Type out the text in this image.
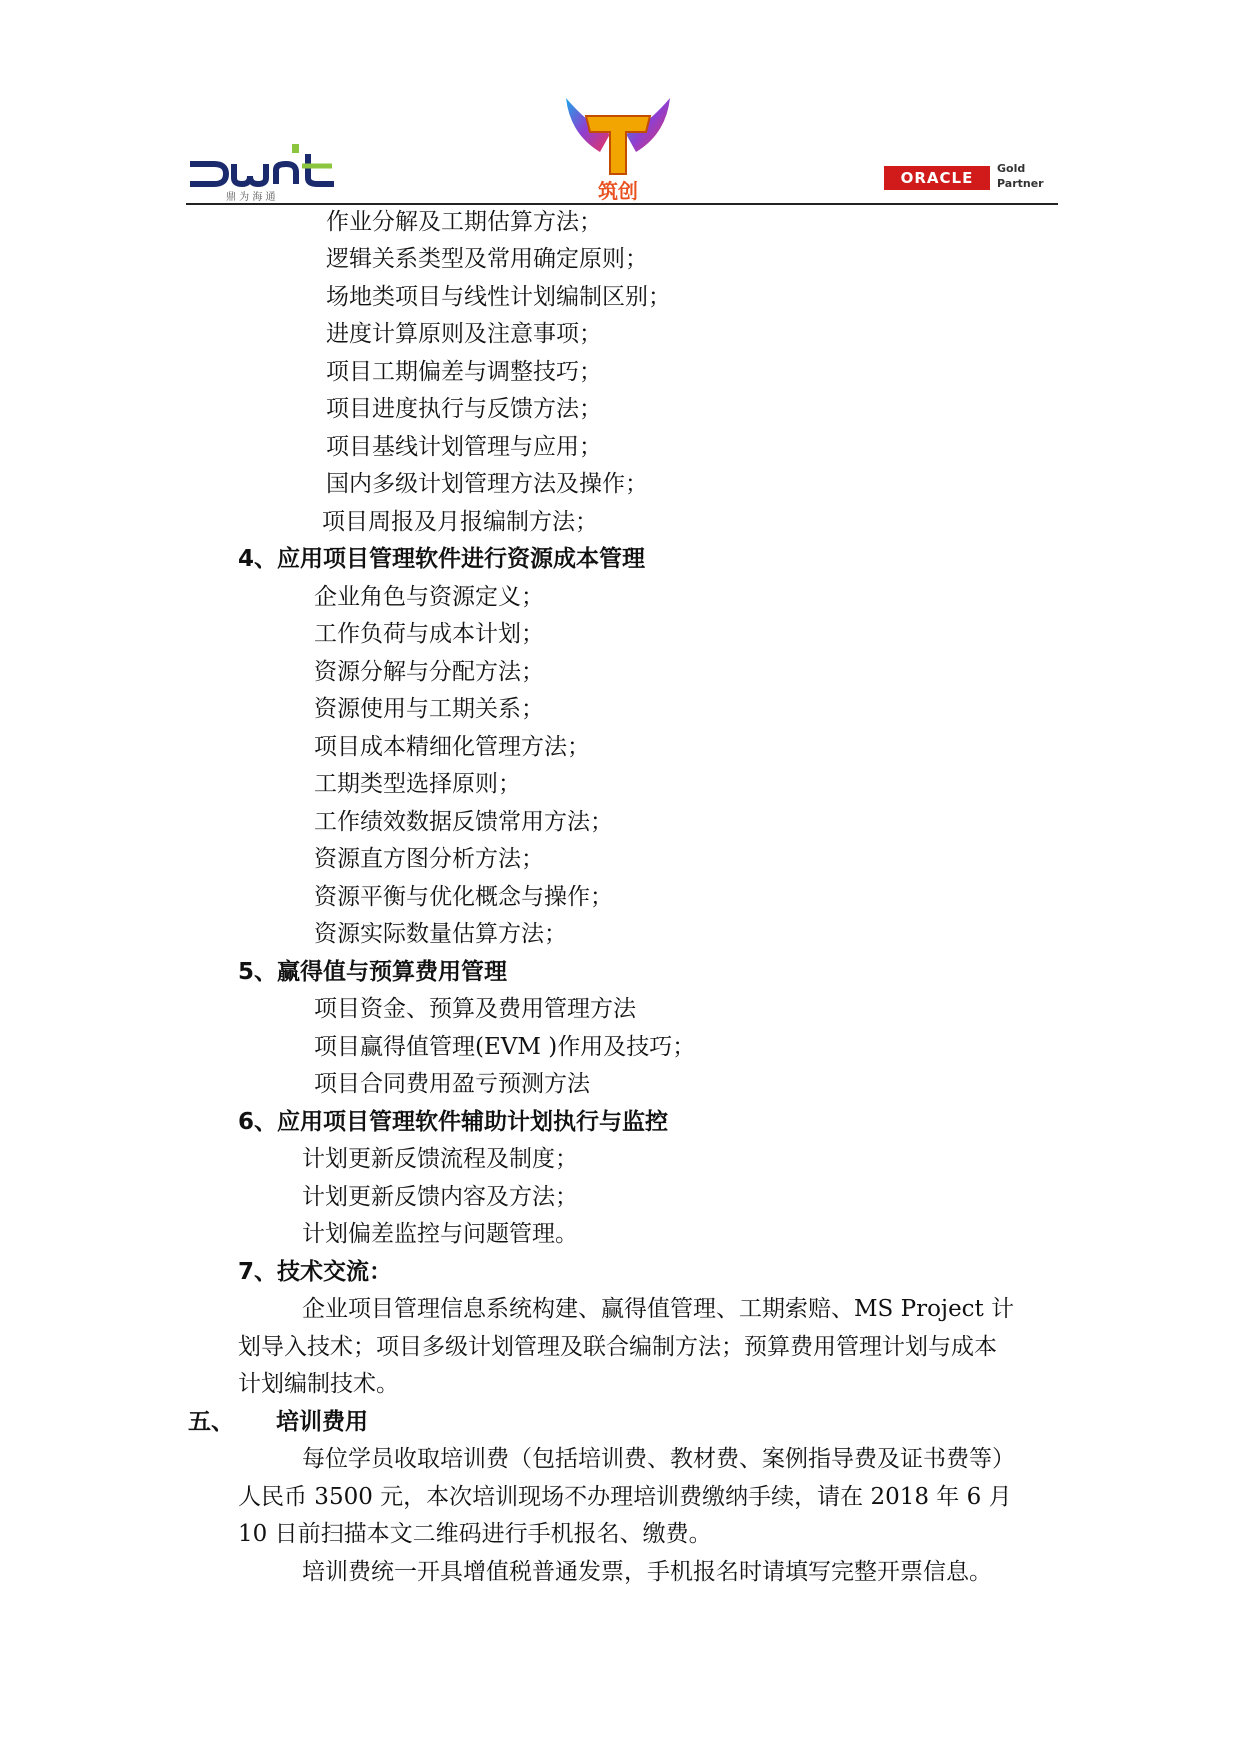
鼎 为 海 通	筑创
ORACLE
Gold
Partner
作业分解及工期估算方法；
逻辑关系类型及常用确定原则；
场地类项目与线性计划编制区别；
进度计算原则及注意事项；
项目工期偏差与调整技巧；
项目进度执行与反馈方法；
项目基线计划管理与应用；
国内多级计划管理方法及操作；
项目周报及月报编制方法；
4、应用项目管理软件进行资源成本管理
企业角色与资源定义；
工作负荷与成本计划；
资源分解与分配方法；
资源使用与工期关系；
项目成本精细化管理方法；
工期类型选择原则；
工作绩效数据反馈常用方法；
资源直方图分析方法；
资源平衡与优化概念与操作；
资源实际数量估算方法；
5、赢得值与预算费用管理
项目资金、预算及费用管理方法
项目赢得值管理(EVM )作用及技巧；
项目合同费用盈亏预测方法
6、应用项目管理软件辅助计划执行与监控
计划更新反馈流程及制度；
计划更新反馈内容及方法；
计划偏差监控与问题管理。
7、技术交流：
企业项目管理信息系统构建、赢得值管理、工期索赔、MS Project 计
划导入技术；项目多级计划管理及联合编制方法；预算费用管理计划与成本
计划编制技术。
五、 培训费用
每位学员收取培训费（包括培训费、教材费、案例指导费及证书费等）
人民币 3500 元，本次培训现场不办理培训费缴纳手续，请在 2018 年 6 月
10 日前扫描本文二维码进行手机报名、缴费。
培训费统一开具增值税普通发票，手机报名时请填写完整开票信息。
